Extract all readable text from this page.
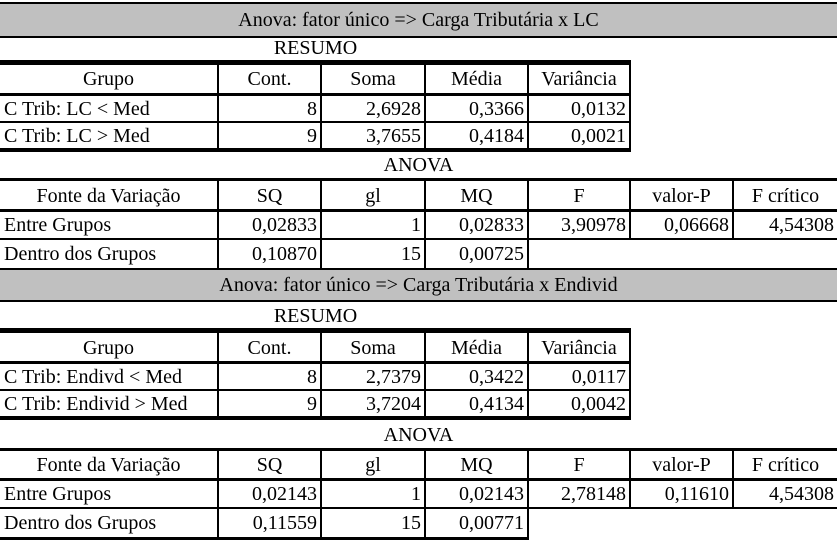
Anova: fator único => Carga Tributária x LC
RESUMO
Grupo	Cont.	Soma	Média	Variância
C Trib: LC < Med	8	2,6928	0,3366	0,0132
C Trib: LC > Med	9	3,7655	0,4184	0,0021
ANOVA
Fonte da Variação	SQ	gl	MQ	F	valor-P	F crítico
Entre Grupos	0,02833	1	0,02833	3,90978	0,06668	4,54308
Dentro dos Grupos	0,10870	15	0,00725
Anova: fator único => Carga Tributária x Endivid
RESUMO
Grupo	Cont.	Soma	Média	Variância
C Trib: Endivd < Med	8	2,7379	0,3422	0,0117
C Trib: Endivid > Med	9	3,7204	0,4134	0,0042
ANOVA
Fonte da Variação	SQ	gl	MQ	F	valor-P	F crítico
Entre Grupos	0,02143	1	0,02143	2,78148	0,11610	4,54308
Dentro dos Grupos	0,11559	15	0,00771
